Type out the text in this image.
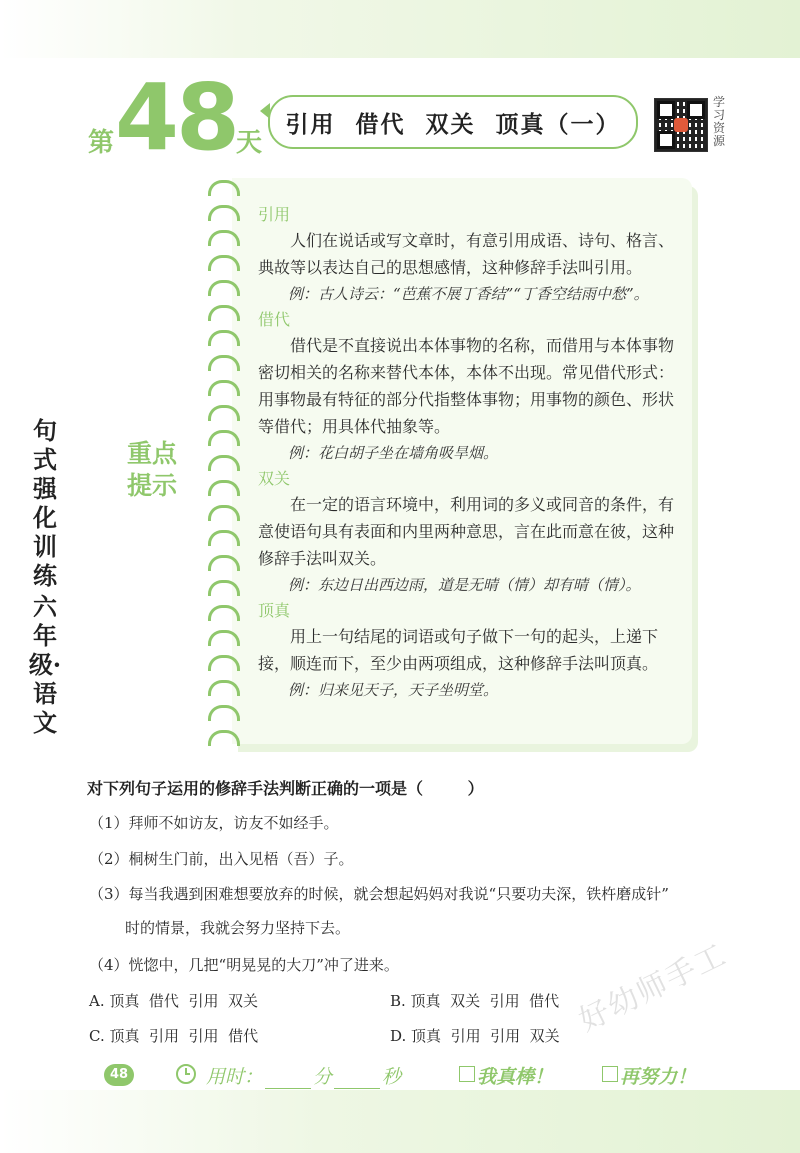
第 48
天
引用  借代  双关  顶真（一）
学习资源
句式强化训练
六年级·语文
重点提示
引用
人们在说话或写文章时，有意引用成语、诗句、格言、典故等以表达自己的思想感情，这种修辞手法叫引用。
例：古人诗云：“芭蕉不展丁香结”“丁香空结雨中愁”。
借代
借代是不直接说出本体事物的名称，而借用与本体事物密切相关的名称来替代本体，本体不出现。常见借代形式：用事物最有特征的部分代指整体事物；用事物的颜色、形状等借代；用具体代抽象等。
例：花白胡子坐在墙角吸旱烟。
双关
在一定的语言环境中，利用词的多义或同音的条件，有意使语句具有表面和内里两种意思，言在此而意在彼，这种修辞手法叫双关。
例：东边日出西边雨，道是无晴（情）却有晴（情）。
顶真
用上一句结尾的词语或句子做下一句的起头，上递下接，顺连而下，至少由两项组成，这种修辞手法叫顶真。
例：归来见天子，天子坐明堂。
对下列句子运用的修辞手法判断正确的一项是（        ）
（1）拜师不如访友，访友不如经手。
（2）桐树生门前，出入见梧（吾）子。
（3）每当我遇到困难想要放弃的时候，就会想起妈妈对我说“只要功夫深，铁杵磨成针”
时的情景，我就会努力坚持下去。
（4）恍惚中，几把“明晃晃的大刀”冲了进来。
A. 顶真  借代  引用  双关	B. 顶真  双关  引用  借代
C. 顶真  引用  引用  借代	D. 顶真  引用  引用  双关
48	用时：	分	秒	我真棒！	再努力！
好幼师手工
